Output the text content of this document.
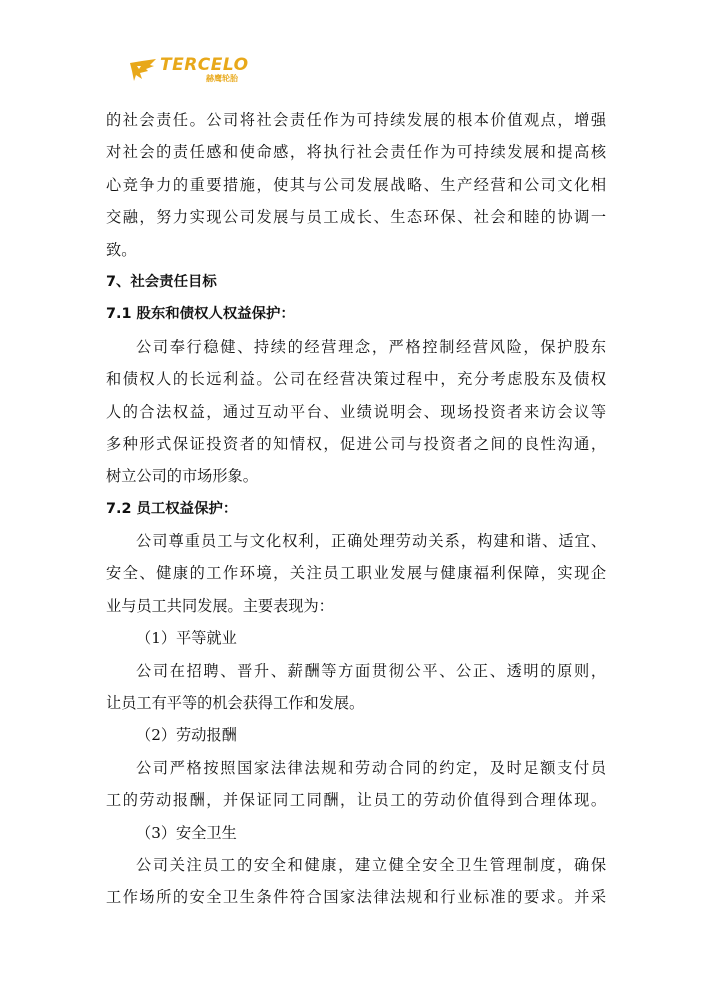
TERCELO
赫鹰轮胎
的社会责任。公司将社会责任作为可持续发展的根本价值观点，增强
对社会的责任感和使命感，将执行社会责任作为可持续发展和提高核
心竞争力的重要措施，使其与公司发展战略、生产经营和公司文化相
交融，努力实现公司发展与员工成长、生态环保、社会和睦的协调一
致。
7、社会责任目标
7.1 股东和债权人权益保护：
公司奉行稳健、持续的经营理念，严格控制经营风险，保护股东
和债权人的长远利益。公司在经营决策过程中，充分考虑股东及债权
人的合法权益，通过互动平台、业绩说明会、现场投资者来访会议等
多种形式保证投资者的知情权，促进公司与投资者之间的良性沟通，
树立公司的市场形象。
7.2 员工权益保护：
公司尊重员工与文化权利，正确处理劳动关系，构建和谐、适宜、
安全、健康的工作环境，关注员工职业发展与健康福利保障，实现企
业与员工共同发展。主要表现为：
（1）平等就业
公司在招聘、晋升、薪酬等方面贯彻公平、公正、透明的原则，
让员工有平等的机会获得工作和发展。
（2）劳动报酬
公司严格按照国家法律法规和劳动合同的约定，及时足额支付员
工的劳动报酬，并保证同工同酬，让员工的劳动价值得到合理体现。
（3）安全卫生
公司关注员工的安全和健康，建立健全安全卫生管理制度，确保
工作场所的安全卫生条件符合国家法律法规和行业标准的要求。并采
